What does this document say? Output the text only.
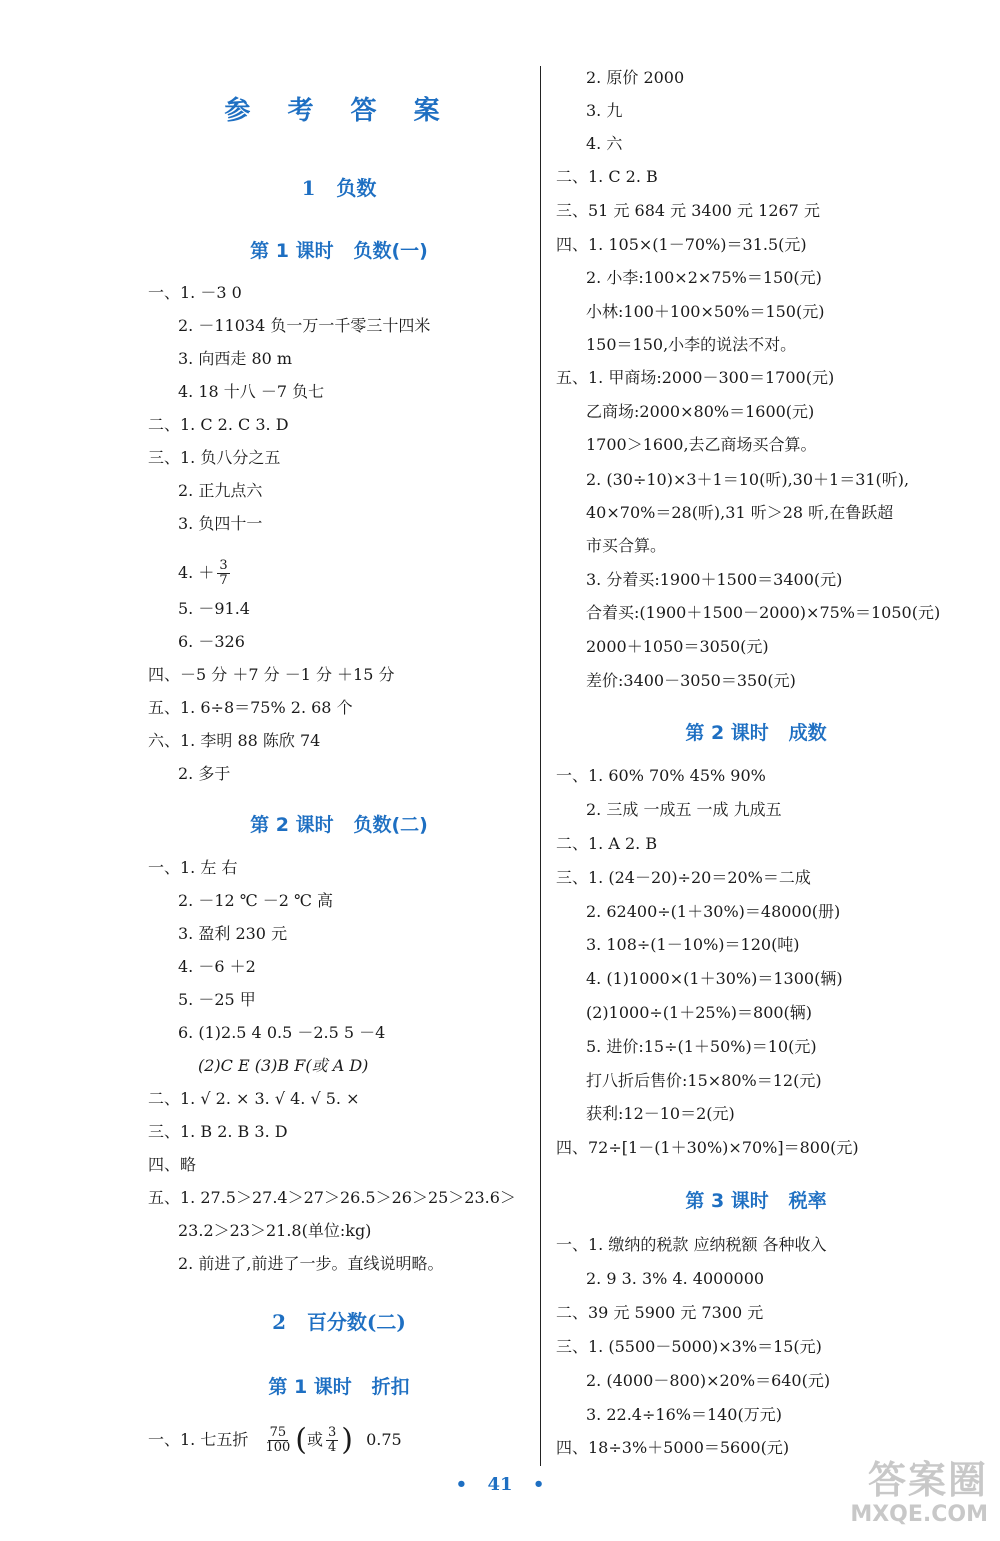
参 考 答 案
1   负数
第 1 课时   负数(一)
一、1. －3 0
2. －11034 负一万一千零三十四米
3. 向西走 80 m
4. 18 十八 －7 负七
二、1. C 2. C 3. D
三、1. 负八分之五
2. 正九点六
3. 负四十一
4. ＋ $\frac{3}{7}$
5. －91.4
6. －326
四、－5 分 ＋7 分 －1 分 ＋15 分
五、1. 6÷8＝75% 2. 68 个
六、1. 李明 88 陈欣 74
2. 多于
第 2 课时   负数(二)
一、1. 左 右
2. －12 ℃ －2 ℃ 高
3. 盈利 230 元
4. －6 ＋2
5. －25 甲
6. (1)2.5 4 0.5 －2.5 5 －4
(2)C E (3)B F(或 A D)
二、1. √ 2. × 3. √ 4. √ 5. ×
三、1. B 2. B 3. D
四、略
五、1. 27.5＞27.4＞27＞26.5＞26＞25＞23.6＞
23.2＞23＞21.8(单位:kg)
2. 前进了,前进了一步。直线说明略。
2   百分数(二)
第 1 课时   折扣
一、1. 七五折 $\frac{75}{100}$ (或 $\frac{3}{4}$ ) 0.75
2. 原价 2000
3. 九
4. 六
二、1. C 2. B
三、51 元 684 元 3400 元 1267 元
四、1. 105×(1－70%)＝31.5(元)
2. 小李:100×2×75%＝150(元)
小林:100＋100×50%＝150(元)
150＝150,小李的说法不对。
五、1. 甲商场:2000－300＝1700(元)
乙商场:2000×80%＝1600(元)
1700＞1600,去乙商场买合算。
2. (30÷10)×3＋1＝10(听),30＋1＝31(听),
40×70%＝28(听),31 听＞28 听,在鲁跃超
市买合算。
3. 分着买:1900＋1500＝3400(元)
合着买:(1900＋1500－2000)×75%＝1050(元)
2000＋1050＝3050(元)
差价:3400－3050＝350(元)
第 2 课时   成数
一、1. 60% 70% 45% 90%
2. 三成 一成五 一成 九成五
二、1. A 2. B
三、1. (24－20)÷20＝20%＝二成
2. 62400÷(1＋30%)＝48000(册)
3. 108÷(1－10%)＝120(吨)
4. (1)1000×(1＋30%)＝1300(辆)
(2)1000÷(1＋25%)＝800(辆)
5. 进价:15÷(1＋50%)＝10(元)
打八折后售价:15×80%＝12(元)
获利:12－10＝2(元)
四、72÷[1－(1＋30%)×70%]＝800(元)
第 3 课时   税率
一、1. 缴纳的税款 应纳税额 各种收入
2. 9 3. 3% 4. 4000000
二、39 元 5900 元 7300 元
三、1. (5500－5000)×3%＝15(元)
2. (4000－800)×20%＝640(元)
3. 22.4÷16%＝140(万元)
四、18÷3%＋5000＝5600(元)
• 41 •	答案圈
MXQE.COM
